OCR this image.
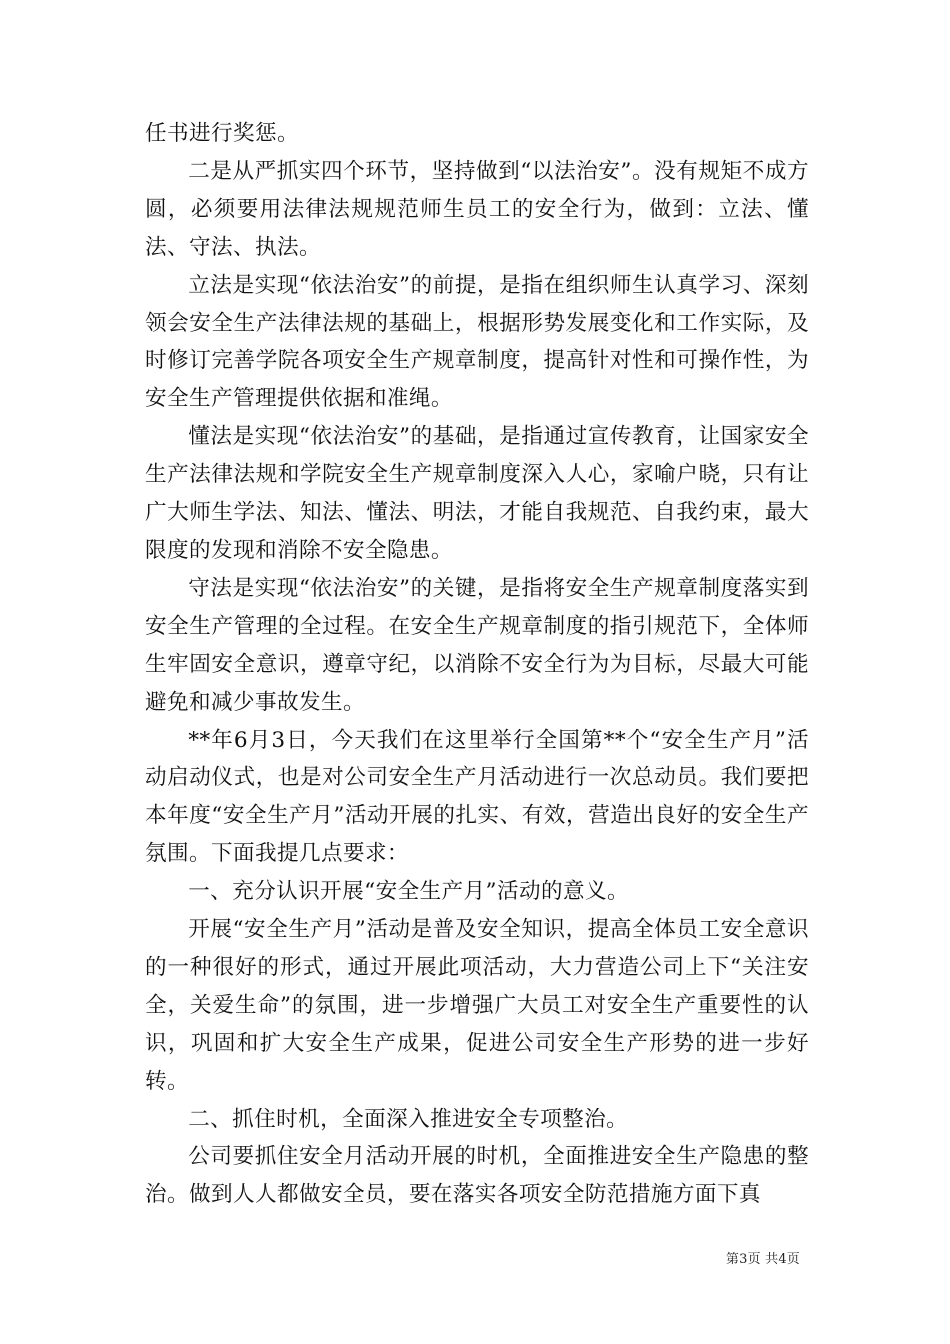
任书进行奖惩。

二是从严抓实四个环节，坚持做到“以法治安”。没有规矩不成方圆，必须要用法律法规规范师生员工的安全行为，做到：立法、懂法、守法、执法。

立法是实现“依法治安”的前提，是指在组织师生认真学习、深刻领会安全生产法律法规的基础上，根据形势发展变化和工作实际，及时修订完善学院各项安全生产规章制度，提高针对性和可操作性，为安全生产管理提供依据和准绳。

懂法是实现“依法治安”的基础，是指通过宣传教育，让国家安全生产法律法规和学院安全生产规章制度深入人心，家喻户晓，只有让广大师生学法、知法、懂法、明法，才能自我规范、自我约束，最大限度的发现和消除不安全隐患。

守法是实现“依法治安”的关键，是指将安全生产规章制度落实到安全生产管理的全过程。在安全生产规章制度的指引规范下，全体师生牢固安全意识，遵章守纪，以消除不安全行为为目标，尽最大可能避免和减少事故发生。

**年6月3日，今天我们在这里举行全国第**个“安全生产月”活动启动仪式，也是对公司安全生产月活动进行一次总动员。我们要把本年度“安全生产月”活动开展的扎实、有效，营造出良好的安全生产氛围。下面我提几点要求：

一、充分认识开展“安全生产月”活动的意义。

开展“安全生产月”活动是普及安全知识，提高全体员工安全意识的一种很好的形式，通过开展此项活动，大力营造公司上下“关注安全，关爱生命”的氛围，进一步增强广大员工对安全生产重要性的认识，巩固和扩大安全生产成果，促进公司安全生产形势的进一步好转。

二、抓住时机，全面深入推进安全专项整治。

公司要抓住安全月活动开展的时机，全面推进安全生产隐患的整治。做到人人都做安全员，要在落实各项安全防范措施方面下真

第3页 共4页
